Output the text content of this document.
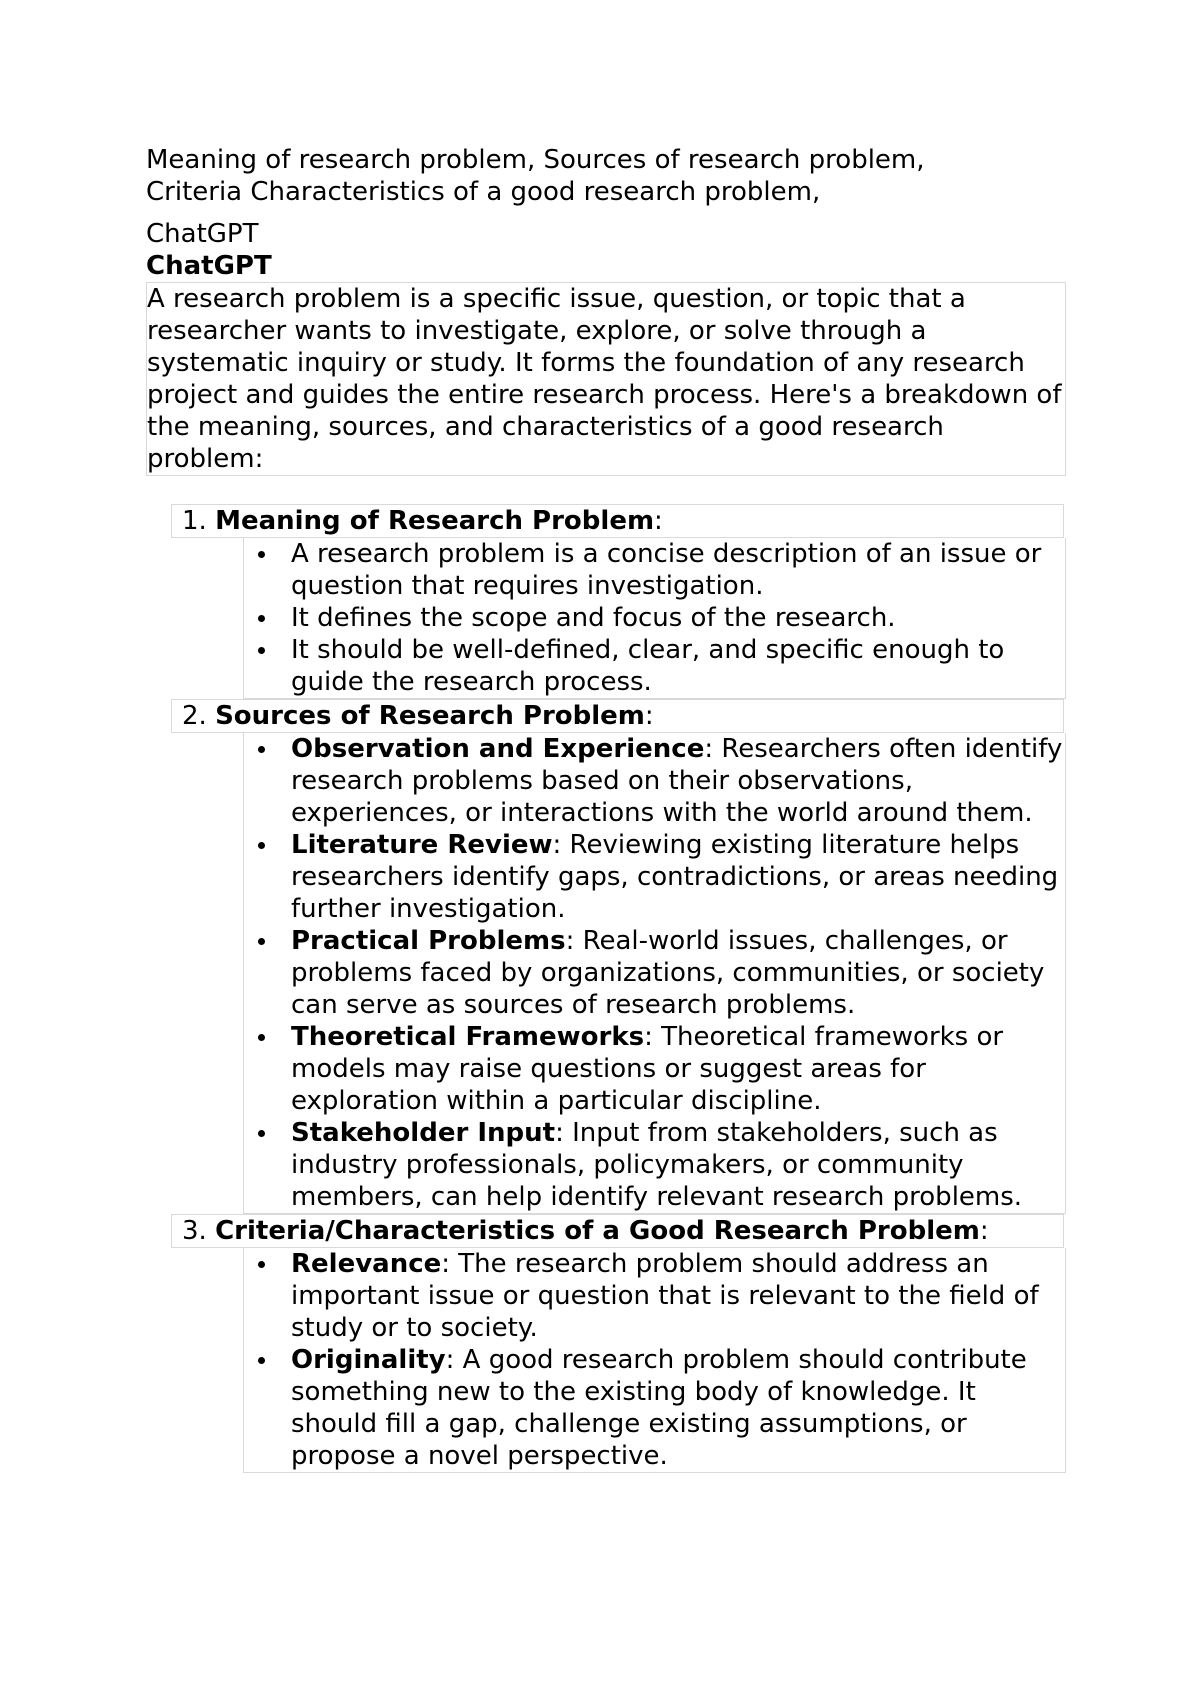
Meaning of research problem, Sources of research problem,
Criteria Characteristics of a good research problem,

ChatGPT
ChatGPT
A research problem is a specific issue, question, or topic that a researcher wants to investigate, explore, or solve through a systematic inquiry or study. It forms the foundation of any research project and guides the entire research process. Here's a breakdown of the meaning, sources, and characteristics of a good research problem:
1. Meaning of Research Problem:
A research problem is a concise description of an issue or question that requires investigation.
It defines the scope and focus of the research.
It should be well-defined, clear, and specific enough to guide the research process.
2. Sources of Research Problem:
Observation and Experience: Researchers often identify research problems based on their observations, experiences, or interactions with the world around them.
Literature Review: Reviewing existing literature helps researchers identify gaps, contradictions, or areas needing further investigation.
Practical Problems: Real-world issues, challenges, or problems faced by organizations, communities, or society can serve as sources of research problems.
Theoretical Frameworks: Theoretical frameworks or models may raise questions or suggest areas for exploration within a particular discipline.
Stakeholder Input: Input from stakeholders, such as industry professionals, policymakers, or community members, can help identify relevant research problems.
3. Criteria/Characteristics of a Good Research Problem:
Relevance: The research problem should address an important issue or question that is relevant to the field of study or to society.
Originality: A good research problem should contribute something new to the existing body of knowledge. It should fill a gap, challenge existing assumptions, or propose a novel perspective.
